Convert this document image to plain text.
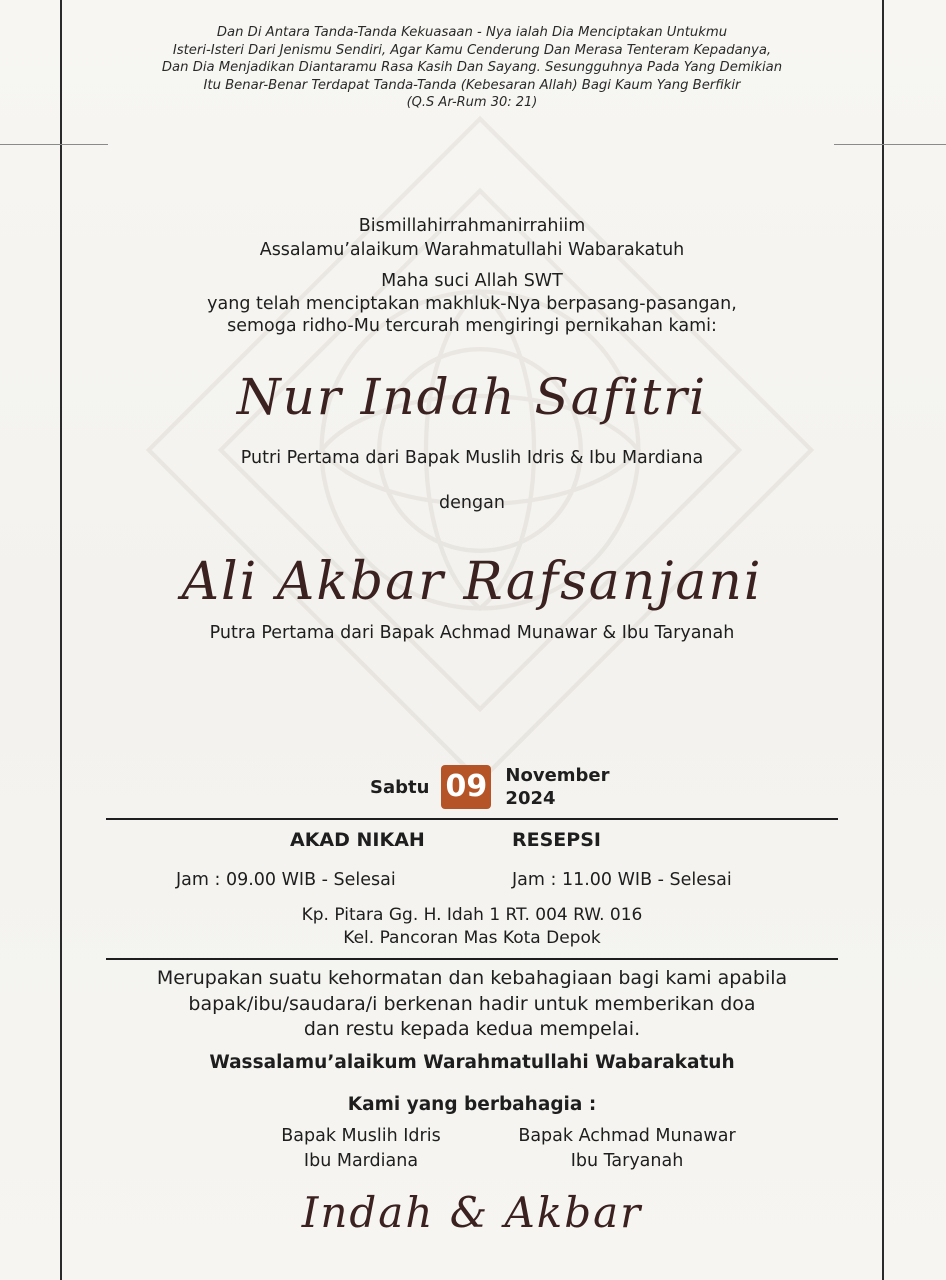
Dan Di Antara Tanda-Tanda Kekuasaan - Nya ialah Dia Menciptakan Untukmu
Isteri-Isteri Dari Jenismu Sendiri, Agar Kamu Cenderung Dan Merasa Tenteram Kepadanya,
Dan Dia Menjadikan Diantaramu Rasa Kasih Dan Sayang. Sesungguhnya Pada Yang Demikian
Itu Benar-Benar Terdapat Tanda-Tanda (Kebesaran Allah) Bagi Kaum Yang Berfikir
(Q.S Ar-Rum 30: 21)
Bismillahirrahmanirrahiim
Assalamu’alaikum Warahmatullahi Wabarakatuh
Maha suci Allah SWT
yang telah menciptakan makhluk-Nya berpasang-pasangan,
semoga ridho-Mu tercurah mengiringi pernikahan kami:
Nur Indah Safitri
Putri Pertama dari Bapak Muslih Idris & Ibu Mardiana
dengan
Ali Akbar Rafsanjani
Putra Pertama dari Bapak Achmad Munawar & Ibu Taryanah
Sabtu 09 November
2024
AKAD NIKAH	RESEPSI
Jam : 09.00 WIB - Selesai	Jam : 11.00 WIB - Selesai
Kp. Pitara Gg. H. Idah 1 RT. 004 RW. 016
Kel. Pancoran Mas Kota Depok
Merupakan suatu kehormatan dan kebahagiaan bagi kami apabila
bapak/ibu/saudara/i berkenan hadir untuk memberikan doa
dan restu kepada kedua mempelai.
Wassalamu’alaikum Warahmatullahi Wabarakatuh
Kami yang berbahagia :
Bapak Muslih Idris
Ibu Mardiana
Bapak Achmad Munawar
Ibu Taryanah
Indah & Akbar
